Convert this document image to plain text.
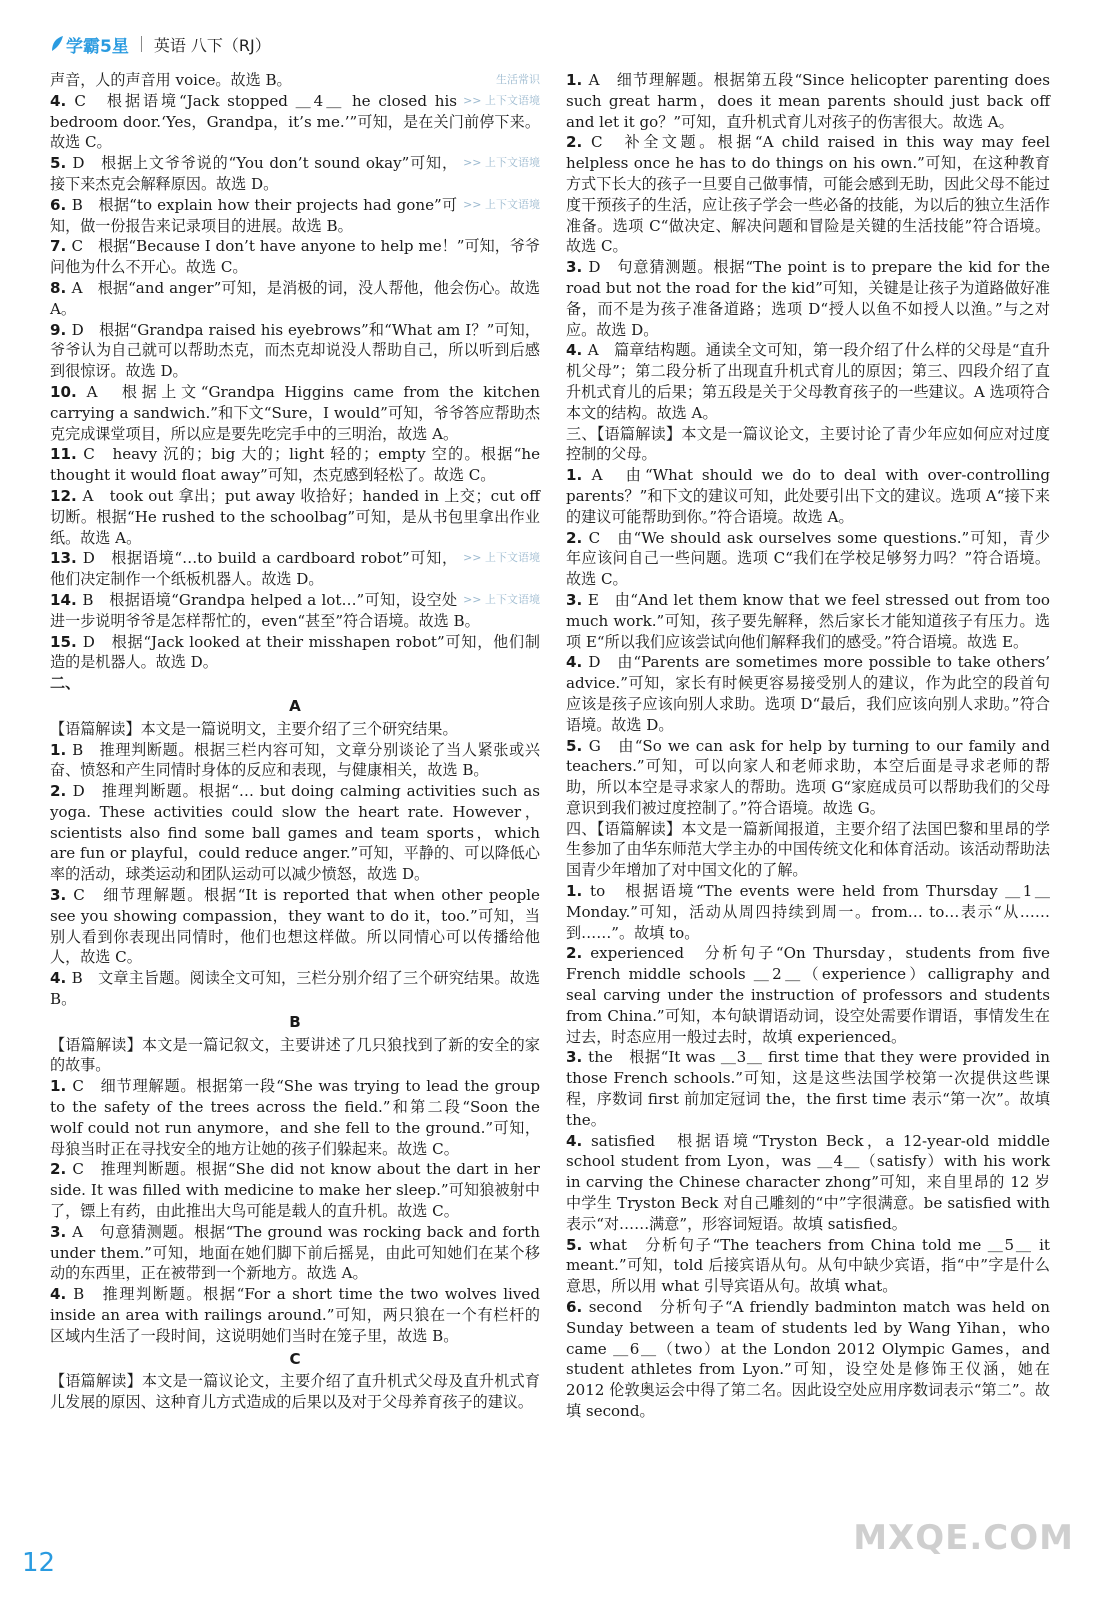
学霸5星 英语 八下（RJ）

生活常识
声音，人的声音用 voice。故选 B。

>> 上下文语境
4. C　根据语境“Jack stopped ＿4＿ he closed his bedroom door.‘Yes，Grandpa，it’s me.’”可知，是在关门前停下来。故选 C。

>> 上下文语境
5. D　根据上文爷爷说的“You don’t sound okay”可知，接下来杰克会解释原因。故选 D。

>> 上下文语境
6. B　根据“to explain how their projects had gone”可知，做一份报告来记录项目的进展。故选 B。

7. C　根据“Because I don’t have anyone to help me！”可知，爷爷问他为什么不开心。故选 C。

8. A　根据“and anger”可知，是消极的词，没人帮他，他会伤心。故选 A。

9. D　根据“Grandpa raised his eyebrows”和“What am I？”可知，爷爷认为自己就可以帮助杰克，而杰克却说没人帮助自己，所以听到后感到很惊讶。故选 D。

10. A　根据上文“Grandpa Higgins came from the kitchen carrying a sandwich.”和下文“Sure，I would”可知，爷爷答应帮助杰克完成课堂项目，所以应是要先吃完手中的三明治，故选 A。

11. C　heavy 沉的；big 大的；light 轻的；empty 空的。根据“he thought it would float away”可知，杰克感到轻松了。故选 C。

12. A　took out 拿出；put away 收拾好；handed in 上交；cut off 切断。根据“He rushed to the schoolbag”可知，是从书包里拿出作业纸。故选 A。

>> 上下文语境
13. D　根据语境“…to build a cardboard robot”可知，他们决定制作一个纸板机器人。故选 D。

>> 上下文语境
14. B　根据语境“Grandpa helped a lot…”可知，设空处进一步说明爷爷是怎样帮忙的，even“甚至”符合语境。故选 B。

15. D　根据“Jack looked at their misshapen robot”可知，他们制造的是机器人。故选 D。

二、

A

【语篇解读】本文是一篇说明文，主要介绍了三个研究结果。

1. B　推理判断题。根据三栏内容可知，文章分别谈论了当人紧张或兴奋、愤怒和产生同情时身体的反应和表现，与健康相关，故选 B。

2. D　推理判断题。根据“… but doing calming activities such as yoga. These activities could slow the heart rate. However，scientists also find some ball games and team sports，which are fun or playful，could reduce anger.”可知，平静的、可以降低心率的活动，球类运动和团队运动可以减少愤怒，故选 D。

3. C　细节理解题。根据“It is reported that when other people see you showing compassion，they want to do it，too.”可知，当别人看到你表现出同情时，他们也想这样做。所以同情心可以传播给他人，故选 C。

4. B　文章主旨题。阅读全文可知，三栏分别介绍了三个研究结果。故选 B。

B

【语篇解读】本文是一篇记叙文，主要讲述了几只狼找到了新的安全的家的故事。

1. C　细节理解题。根据第一段“She was trying to lead the group to the safety of the trees across the field.”和第二段“Soon the wolf could not run anymore，and she fell to the ground.”可知，母狼当时正在寻找安全的地方让她的孩子们躲起来。故选 C。

2. C　推理判断题。根据“She did not know about the dart in her side. It was filled with medicine to make her sleep.”可知狼被射中了，镖上有药，由此推出大鸟可能是载人的直升机。故选 C。

3. A　句意猜测题。根据“The ground was rocking back and forth under them.”可知，地面在她们脚下前后摇晃，由此可知她们在某个移动的东西里，正在被带到一个新地方。故选 A。

4. B　推理判断题。根据“For a short time the two wolves lived inside an area with railings around.”可知，两只狼在一个有栏杆的区域内生活了一段时间，这说明她们当时在笼子里，故选 B。

C

【语篇解读】本文是一篇议论文，主要介绍了直升机式父母及直升机式育儿发展的原因、这种育儿方式造成的后果以及对于父母养育孩子的建议。

1. A　细节理解题。根据第五段“Since helicopter parenting does such great harm，does it mean parents should just back off and let it go？”可知，直升机式育儿对孩子的伤害很大。故选 A。

2. C　补全文题。根据“A child raised in this way may feel helpless once he has to do things on his own.”可知，在这种教育方式下长大的孩子一旦要自己做事情，可能会感到无助，因此父母不能过度干预孩子的生活，应让孩子学会一些必备的技能，为以后的独立生活作准备。选项 C“做决定、解决问题和冒险是关键的生活技能”符合语境。故选 C。

3. D　句意猜测题。根据“The point is to prepare the kid for the road but not the road for the kid”可知，关键是让孩子为道路做好准备，而不是为孩子准备道路；选项 D“授人以鱼不如授人以渔。”与之对应。故选 D。

4. A　篇章结构题。通读全文可知，第一段介绍了什么样的父母是“直升机父母”；第二段分析了出现直升机式育儿的原因；第三、四段介绍了直升机式育儿的后果；第五段是关于父母教育孩子的一些建议。A 选项符合本文的结构。故选 A。

三、【语篇解读】本文是一篇议论文，主要讨论了青少年应如何应对过度控制的父母。

1. A　由“What should we do to deal with over-controlling parents？”和下文的建议可知，此处要引出下文的建议。选项 A“接下来的建议可能帮助到你。”符合语境。故选 A。

2. C　由“We should ask ourselves some questions.”可知，青少年应该问自己一些问题。选项 C“我们在学校足够努力吗？”符合语境。故选 C。

3. E　由“And let them know that we feel stressed out from too much work.”可知，孩子要先解释，然后家长才能知道孩子有压力。选项 E“所以我们应该尝试向他们解释我们的感受。”符合语境。故选 E。

4. D　由“Parents are sometimes more possible to take others’ advice.”可知，家长有时候更容易接受别人的建议，作为此空的段首句应该是孩子应该向别人求助。选项 D“最后，我们应该向别人求助。”符合语境。故选 D。

5. G　由“So we can ask for help by turning to our family and teachers.”可知，可以向家人和老师求助，本空后面是寻求老师的帮助，所以本空是寻求家人的帮助。选项 G“家庭成员可以帮助我们的父母意识到我们被过度控制了。”符合语境。故选 G。

四、【语篇解读】本文是一篇新闻报道，主要介绍了法国巴黎和里昂的学生参加了由华东师范大学主办的中国传统文化和体育活动。该活动帮助法国青少年增加了对中国文化的了解。

1. to　根据语境“The events were held from Thursday ＿1＿ Monday.”可知，活动从周四持续到周一。from… to…表示“从……到……”。故填 to。

2. experienced　分析句子“On Thursday，students from five French middle schools ＿2＿（experience）calligraphy and seal carving under the instruction of professors and students from China.”可知，本句缺谓语动词，设空处需要作谓语，事情发生在过去，时态应用一般过去时，故填 experienced。

3. the　根据“It was ＿3＿ first time that they were provided in those French schools.”可知，这是这些法国学校第一次提供这些课程，序数词 first 前加定冠词 the，the first time 表示“第一次”。故填 the。

4. satisfied　根据语境“Tryston Beck，a 12-year-old middle school student from Lyon，was ＿4＿（satisfy）with his work in carving the Chinese character zhong”可知，来自里昂的 12 岁中学生 Tryston Beck 对自己雕刻的“中”字很满意。be satisfied with 表示“对……满意”，形容词短语。故填 satisfied。

5. what　分析句子“The teachers from China told me ＿5＿ it meant.”可知，told 后接宾语从句。从句中缺少宾语，指“中”字是什么意思，所以用 what 引导宾语从句。故填 what。

6. second　分析句子“A friendly badminton match was held on Sunday between a team of students led by Wang Yihan，who came ＿6＿（two）at the London 2012 Olympic Games，and student athletes from Lyon.”可知，设空处是修饰王仪涵，她在 2012 伦敦奥运会中得了第二名。因此设空处应用序数词表示“第二”。故填 second。

12
MXQE.COM
